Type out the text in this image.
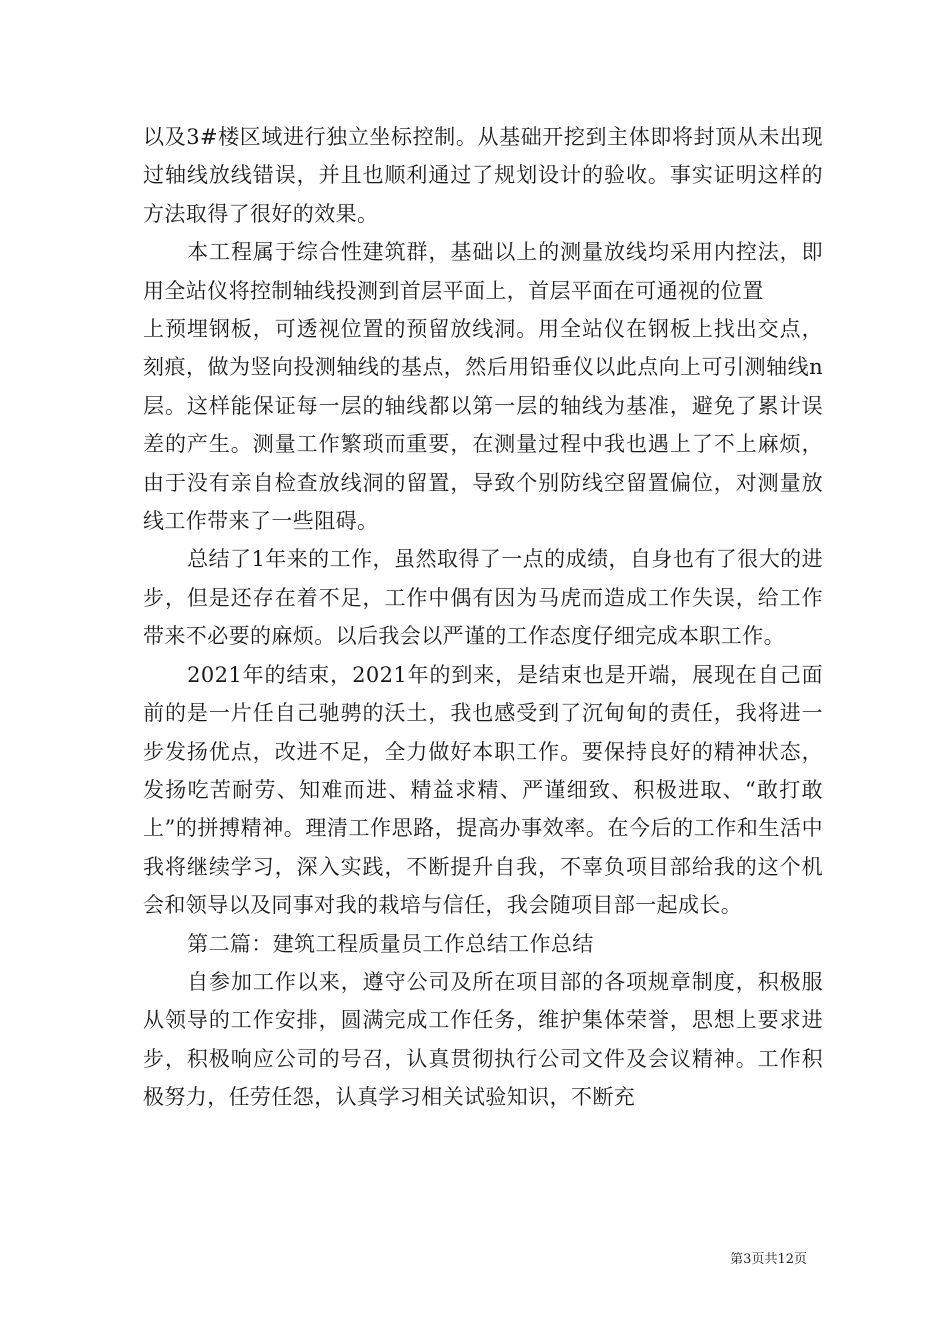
以及3#楼区域进行独立坐标控制。从基础开挖到主体即将封顶从未出现过轴线放线错误，并且也顺利通过了规划设计的验收。事实证明这样的方法取得了很好的效果。

本工程属于综合性建筑群，基础以上的测量放线均采用内控法，即用全站仪将控制轴线投测到首层平面上，首层平面在可通视的位置

上预埋钢板，可透视位置的预留放线洞。用全站仪在钢板上找出交点，刻痕，做为竖向投测轴线的基点，然后用铅垂仪以此点向上可引测轴线n层。这样能保证每一层的轴线都以第一层的轴线为基准，避免了累计误差的产生。测量工作繁琐而重要，在测量过程中我也遇上了不上麻烦，由于没有亲自检查放线洞的留置，导致个别防线空留置偏位，对测量放线工作带来了一些阻碍。

总结了1年来的工作，虽然取得了一点的成绩，自身也有了很大的进步，但是还存在着不足，工作中偶有因为马虎而造成工作失误，给工作带来不必要的麻烦。以后我会以严谨的工作态度仔细完成本职工作。

2021年的结束，2021年的到来，是结束也是开端，展现在自己面前的是一片任自己驰骋的沃土，我也感受到了沉甸甸的责任，我将进一步发扬优点，改进不足，全力做好本职工作。要保持良好的精神状态，发扬吃苦耐劳、知难而进、精益求精、严谨细致、积极进取、“敢打敢上”的拼搏精神。理清工作思路，提高办事效率。在今后的工作和生活中我将继续学习，深入实践，不断提升自我，不辜负项目部给我的这个机会和领导以及同事对我的栽培与信任，我会随项目部一起成长。

第二篇：建筑工程质量员工作总结工作总结

自参加工作以来，遵守公司及所在项目部的各项规章制度，积极服从领导的工作安排，圆满完成工作任务，维护集体荣誉，思想上要求进步，积极响应公司的号召，认真贯彻执行公司文件及会议精神。工作积极努力，任劳任怨，认真学习相关试验知识，不断充

第3页共12页
